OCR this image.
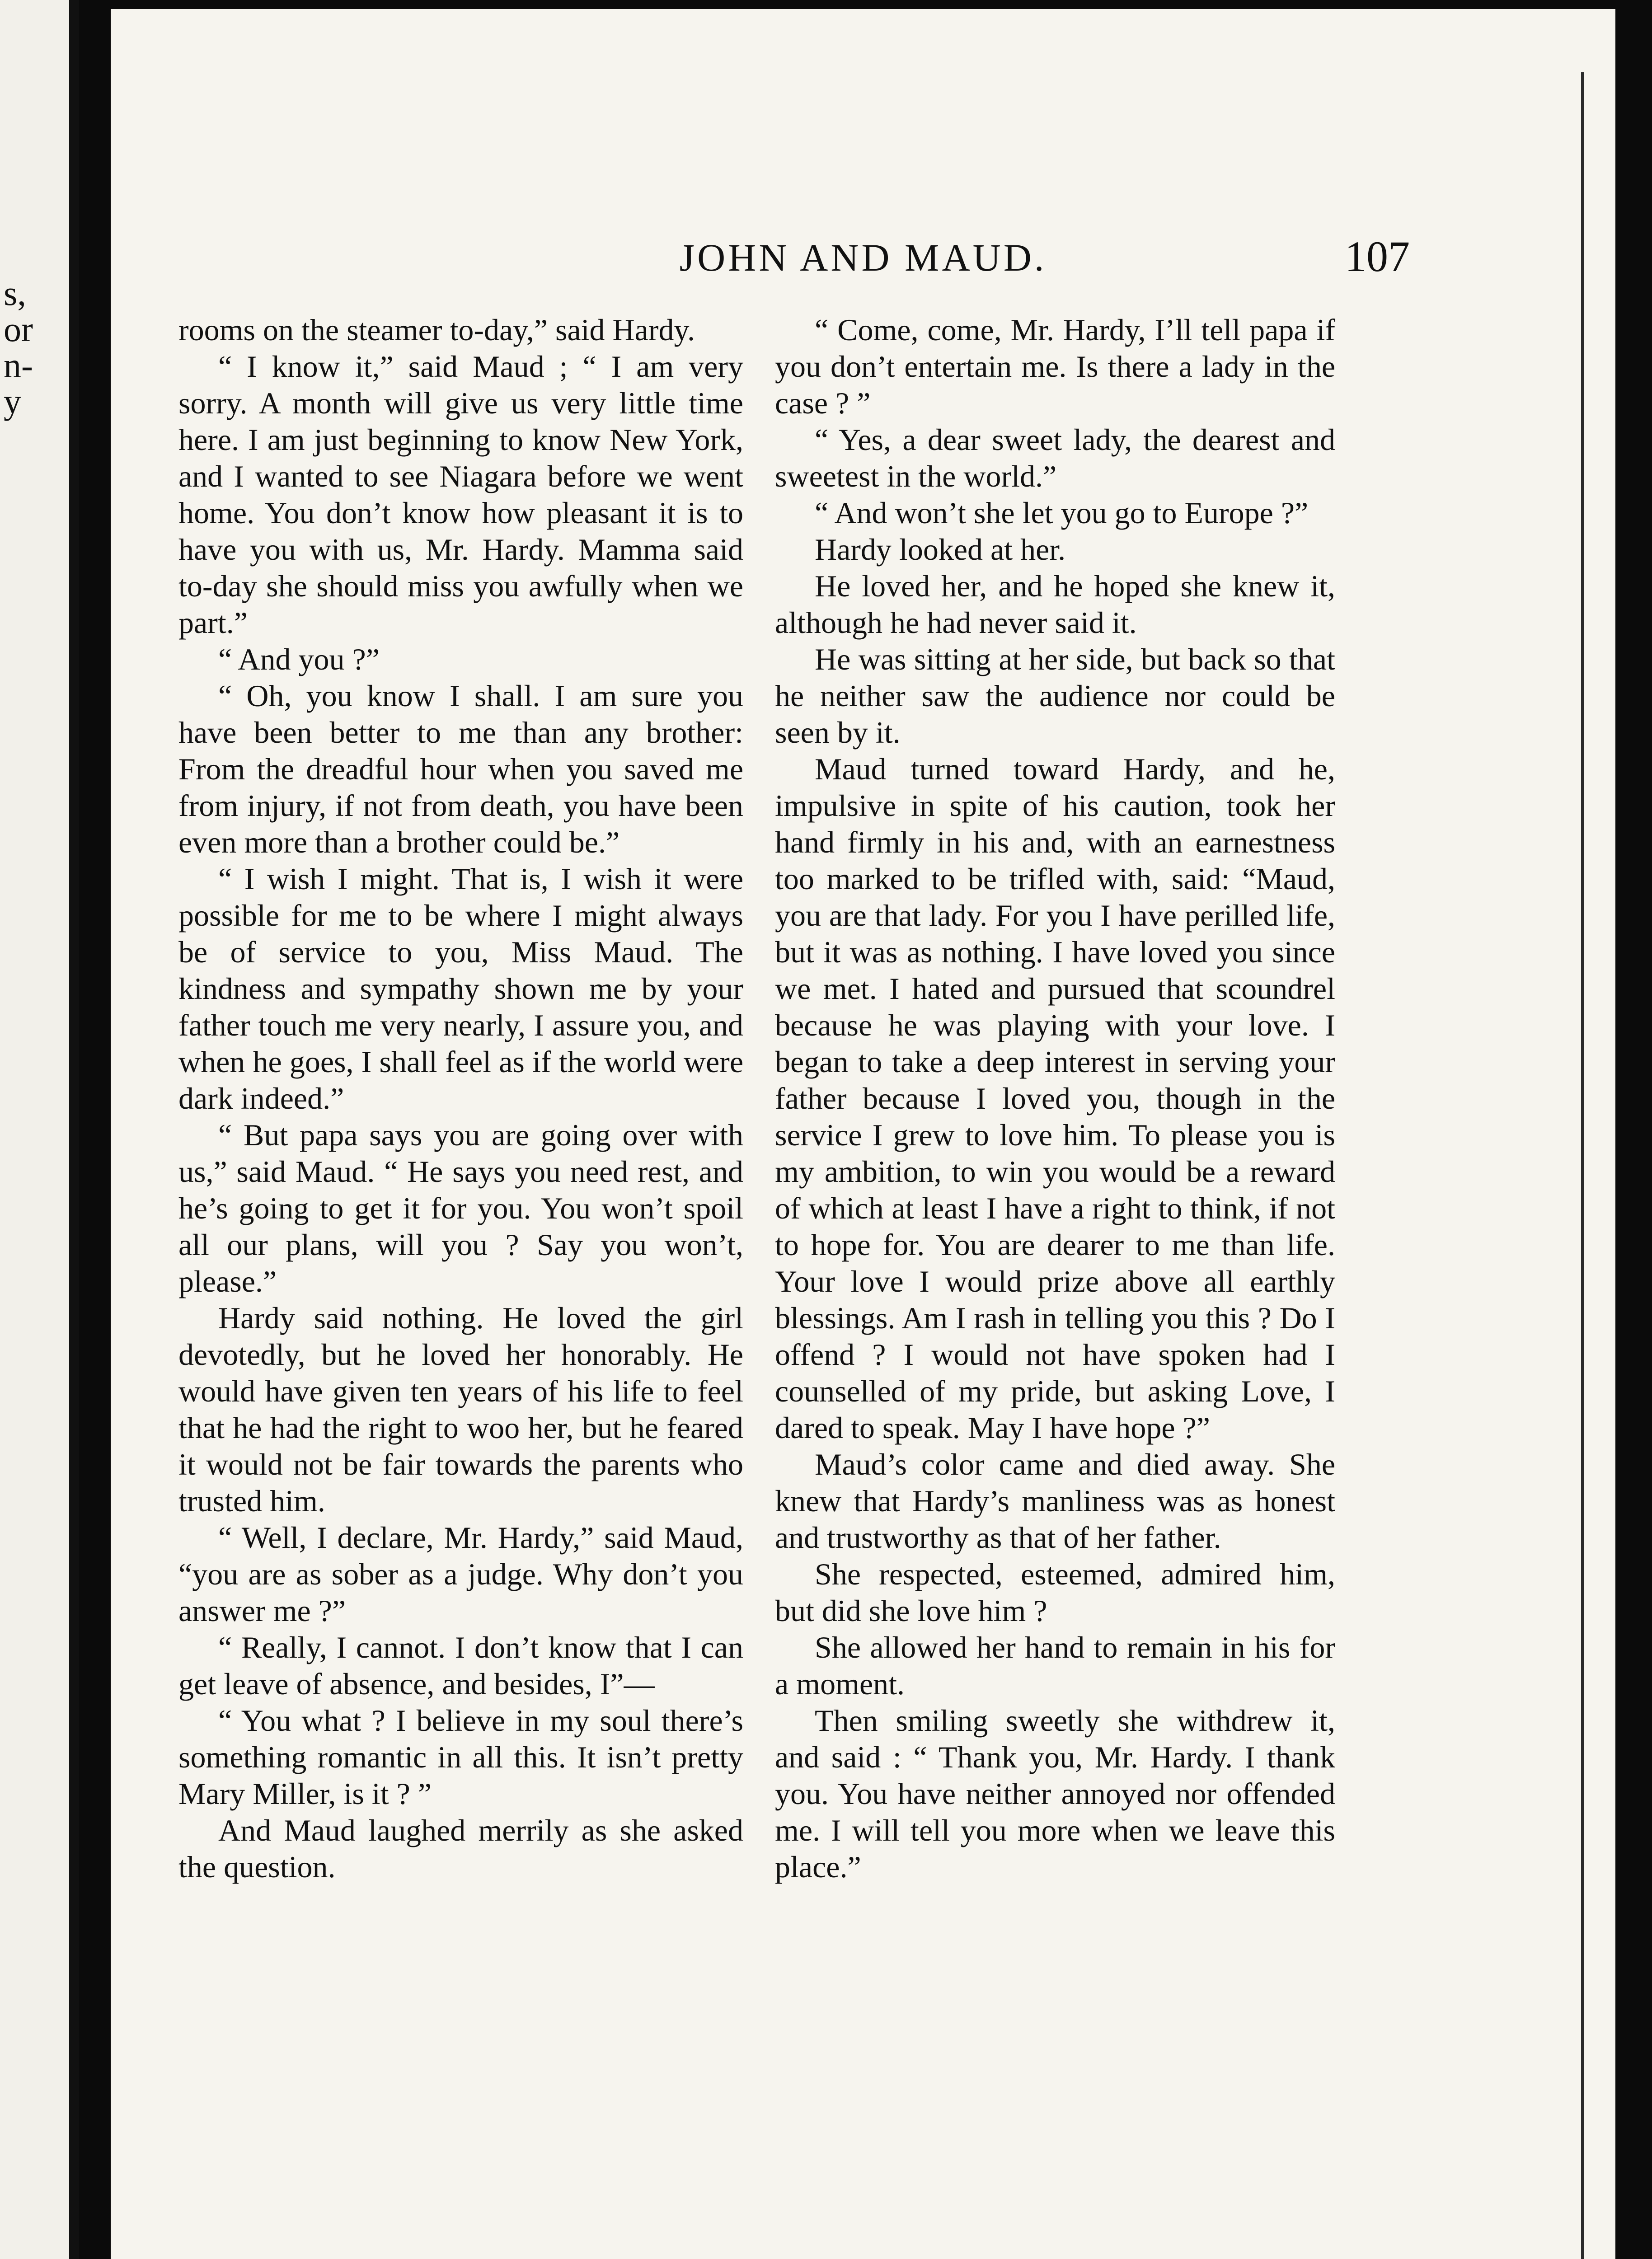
s,
or
n-
y
JOHN AND MAUD.	107

rooms on the steamer to-day,” said Hardy.

“ I know it,” said Maud ; “ I am very sorry. A month will give us very little time here. I am just beginning to know New York, and I wanted to see Niagara before we went home. You don’t know how pleasant it is to have you with us, Mr. Hardy. Mamma said to-day she should miss you awfully when we part.”

“ And you ?”

“ Oh, you know I shall. I am sure you have been better to me than any brother: From the dreadful hour when you saved me from injury, if not from death, you have been even more than a brother could be.”

“ I wish I might. That is, I wish it were possible for me to be where I might always be of service to you, Miss Maud. The kindness and sympathy shown me by your father touch me very nearly, I assure you, and when he goes, I shall feel as if the world were dark indeed.”

“ But papa says you are going over with us,” said Maud. “ He says you need rest, and he’s going to get it for you. You won’t spoil all our plans, will you ? Say you won’t, please.”

Hardy said nothing. He loved the girl devotedly, but he loved her honorably. He would have given ten years of his life to feel that he had the right to woo her, but he feared it would not be fair towards the parents who trusted him.

“ Well, I declare, Mr. Hardy,” said Maud, “you are as sober as a judge. Why don’t you answer me ?”

“ Really, I cannot. I don’t know that I can get leave of absence, and besides, I”—

“ You what ? I believe in my soul there’s something romantic in all this. It isn’t pretty Mary Miller, is it ? ”

And Maud laughed merrily as she asked the question.

“ Come, come, Mr. Hardy, I’ll tell papa if you don’t entertain me. Is there a lady in the case ? ”

“ Yes, a dear sweet lady, the dearest and sweetest in the world.”

“ And won’t she let you go to Europe ?”

Hardy looked at her.

He loved her, and he hoped she knew it, although he had never said it.

He was sitting at her side, but back so that he neither saw the audience nor could be seen by it.

Maud turned toward Hardy, and he, impulsive in spite of his caution, took her hand firmly in his and, with an earnestness too marked to be trifled with, said: “Maud, you are that lady. For you I have perilled life, but it was as nothing. I have loved you since we met. I hated and pursued that scoundrel because he was playing with your love. I began to take a deep interest in serving your father because I loved you, though in the service I grew to love him. To please you is my ambition, to win you would be a reward of which at least I have a right to think, if not to hope for. You are dearer to me than life. Your love I would prize above all earthly blessings. Am I rash in telling you this ? Do I offend ? I would not have spoken had I counselled of my pride, but asking Love, I dared to speak. May I have hope ?”

Maud’s color came and died away. She knew that Hardy’s manliness was as honest and trustworthy as that of her father.

She respected, esteemed, admired him, but did she love him ?

She allowed her hand to remain in his for a moment.

Then smiling sweetly she withdrew it, and said : “ Thank you, Mr. Hardy. I thank you. You have neither annoyed nor offended me. I will tell you more when we leave this place.”
